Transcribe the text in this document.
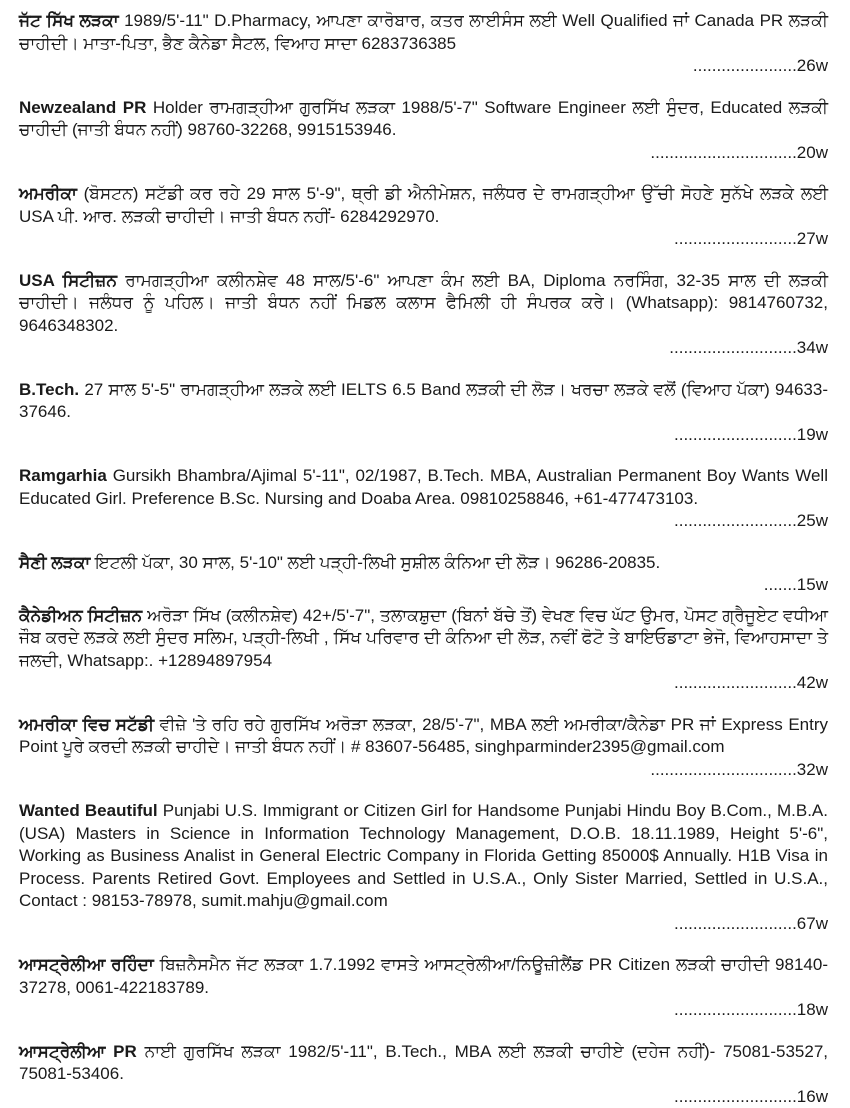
ਜੱਟ ਸਿੱਖ ਲੜਕਾ 1989/5'-11" D.Pharmacy, ਆਪਣਾ ਕਾਰੋਬਾਰ, ਕਤਰ ਲਾਈਸੰਸ ਲਈ Well Qualified ਜਾਂ Canada PR ਲੜਕੀ ਚਾਹੀਦੀ। ਮਾਤਾ-ਪਿਤਾ, ਭੈਣ ਕੈਨੇਡਾ ਸੈਟਲ, ਵਿਆਹ ਸਾਦਾ 6283736385
......................26w
Newzealand PR Holder ਰਾਮਗੜ੍ਹੀਆ ਗੁਰਸਿੱਖ ਲੜਕਾ 1988/5'-7" Software Engineer ਲਈ ਸੁੰਦਰ, Educated ਲੜਕੀ ਚਾਹੀਦੀ (ਜਾਤੀ ਬੰਧਨ ਨਹੀਂ) 98760-32268, 9915153946.
...............................20w
ਅਮਰੀਕਾ (ਬੋਸਟਨ) ਸਟੱਡੀ ਕਰ ਰਹੇ 29 ਸਾਲ 5'-9", ਥ੍ਰੀ ਡੀ ਐਨੀਮੇਸ਼ਨ, ਜਲੰਧਰ ਦੇ ਰਾਮਗੜ੍ਹੀਆ ਉੱਚੀ ਸੋਹਣੇ ਸੁਨੱਖੇ ਲੜਕੇ ਲਈ USA ਪੀ. ਆਰ. ਲੜਕੀ ਚਾਹੀਦੀ। ਜਾਤੀ ਬੰਧਨ ਨਹੀਂ- 6284292970.
..........................27w
USA ਸਿਟੀਜ਼ਨ ਰਾਮਗੜ੍ਹੀਆ ਕਲੀਨਸ਼ੇਵ 48 ਸਾਲ/5'-6" ਆਪਣਾ ਕੰਮ ਲਈ BA, Diploma ਨਰਸਿੰਗ, 32-35 ਸਾਲ ਦੀ ਲੜਕੀ ਚਾਹੀਦੀ। ਜਲੰਧਰ ਨੂੰ ਪਹਿਲ। ਜਾਤੀ ਬੰਧਨ ਨਹੀਂ ਮਿਡਲ ਕਲਾਸ ਫੈਮਿਲੀ ਹੀ ਸੰਪਰਕ ਕਰੇ। (Whatsapp): 9814760732, 9646348302.
...........................34w
B.Tech. 27 ਸਾਲ 5'-5" ਰਾਮਗੜ੍ਹੀਆ ਲੜਕੇ ਲਈ IELTS 6.5 Band ਲੜਕੀ ਦੀ ਲੋੜ। ਖਰਚਾ ਲੜਕੇ ਵਲੋਂ (ਵਿਆਹ ਪੱਕਾ) 94633-37646.
..........................19w
Ramgarhia Gursikh Bhambra/Ajimal 5'-11", 02/1987, B.Tech. MBA, Australian Permanent Boy Wants Well Educated Girl. Preference B.Sc. Nursing and Doaba Area. 09810258846, +61-477473103.
..........................25w
ਸੈਣੀ ਲੜਕਾ ਇਟਲੀ ਪੱਕਾ, 30 ਸਾਲ, 5'-10" ਲਈ ਪੜ੍ਹੀ-ਲਿਖੀ ਸੁਸ਼ੀਲ ਕੰਨਿਆ ਦੀ ਲੋੜ। 96286-20835.
.......15w
ਕੈਨੇਡੀਅਨ ਸਿਟੀਜ਼ਨ ਅਰੋੜਾ ਸਿੱਖ (ਕਲੀਨਸ਼ੇਵ) 42+/5'-7", ਤਲਾਕਸ਼ੁਦਾ (ਬਿਨਾਂ ਬੱਚੇ ਤੋਂ) ਵੇਖਣ ਵਿਚ ਘੱਟ ਉਮਰ, ਪੋਸਟ ਗ੍ਰੈਜੂਏਟ ਵਧੀਆ ਜੌਬ ਕਰਦੇ ਲੜਕੇ ਲਈ ਸੁੰਦਰ ਸਲਿਮ, ਪੜ੍ਹੀ-ਲਿਖੀ , ਸਿੱਖ ਪਰਿਵਾਰ ਦੀ ਕੰਨਿਆ ਦੀ ਲੋੜ, ਨਵੀਂ ਫੋਟੋ ਤੇ ਬਾਇਓਡਾਟਾ ਭੇਜੋ, ਵਿਆਹਸਾਦਾ ਤੇ ਜਲਦੀ, Whatsapp:. +12894897954
..........................42w
ਅਮਰੀਕਾ ਵਿਚ ਸਟੱਡੀ ਵੀਜ਼ੇ 'ਤੇ ਰਹਿ ਰਹੇ ਗੁਰਸਿੱਖ ਅਰੋੜਾ ਲੜਕਾ, 28/5'-7", MBA ਲਈ ਅਮਰੀਕਾ/ਕੈਨੇਡਾ PR ਜਾਂ Express Entry Point ਪੂਰੇ ਕਰਦੀ ਲੜਕੀ ਚਾਹੀਦੇ। ਜਾਤੀ ਬੰਧਨ ਨਹੀਂ। # 83607-56485, singhparminder2395@gmail.com
...............................32w
Wanted Beautiful Punjabi U.S. Immigrant or Citizen Girl for Handsome Punjabi Hindu Boy B.Com., M.B.A. (USA) Masters in Science in Information Technology Management, D.O.B. 18.11.1989, Height 5'-6", Working as Business Analist in General Electric Company in Florida Getting 85000$ Annually. H1B Visa in Process. Parents Retired Govt. Employees and Settled in U.S.A., Only Sister Married, Settled in U.S.A., Contact : 98153-78978, sumit.mahju@gmail.com
..........................67w
ਆਸਟ੍ਰੇਲੀਆ ਰਹਿੰਦਾ ਬਿਜ਼ਨੈਸਮੈਨ ਜੱਟ ਲੜਕਾ 1.7.1992 ਵਾਸਤੇ ਆਸਟ੍ਰੇਲੀਆ/ਨਿਊਜ਼ੀਲੈਂਡ PR Citizen ਲੜਕੀ ਚਾਹੀਦੀ 98140-37278, 0061-422183789.
..........................18w
ਆਸਟ੍ਰੇਲੀਆ PR ਨਾਈ ਗੁਰਸਿੱਖ ਲੜਕਾ 1982/5'-11", B.Tech., MBA ਲਈ ਲੜਕੀ ਚਾਹੀਏ (ਦਹੇਜ ਨਹੀਂ)- 75081-53527, 75081-53406.
..........................16w
